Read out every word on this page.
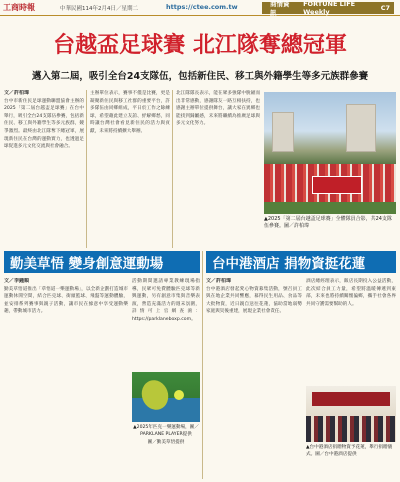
工商時報	中華民國114年2月4日／星期二	https://ctee.com.tw	商情資訊
FORTUNE LIFE Weekly	C7
台越盃足球賽 北江隊奪總冠軍
邁入第二屆，吸引全台24支隊伍，包括新住民、移工與外籍學生等多元族群參賽
文／許柏瑋
台中市新住民足球運動聯盟協會主辦的2025「第二屆台越盃足球賽」在台中舉行，吸引全台24支隊伍參賽，包括新住民、移工與外籍學生等多元族群，競爭激烈。最終由北江隊奪下總冠軍，展現新住民在台灣的運動實力，也透過足球促進多元文化交流與社會融合。
主辦單位表示，賽事不僅是比賽，更是凝聚新住民與移工社群的重要平台，許多隊伍由同鄉組成，平日於工作之餘練球，希望藉此建立友誼、紓解鄉愁，同時讓台灣社會看見新住民的活力與貢獻，未來將持續擴大舉辦。
北江隊隊長表示，能在眾多強隊中脫穎而出非常感動，感謝隊友一路互相扶持，也感謝主辦單位提供舞台，讓大家在異鄉也能找到歸屬感，未來將繼續為推廣足球與多元文化努力。
▲2025「第二屆台越盃足球賽」全體隊員合影，共24支隊伍參賽。圖／許柏瑋
勤美草悟 變身創意運動場
文／李鍾順
勤美草悟道推出「草悟道一樂運動場」，以全新企劃打造城市運動休閒空間，結合匹克球、街頭籃球、飛盤等運動體驗，並安排系列賽事與親子活動，讓市民在綠意中享受運動樂趣，帶動城市活力。
活動期間邀請專業教練現場指導，民眾可免費體驗匹克球等新興運動，另有創意市集與音樂表演，營造充滿活力的週末氛圍，詳情可上官網查詢：https://parklaneboxp.com。
▲2025年匹克一樂運動場，圖／PARKLANE PLAYER提供
圖／勤美草悟提供
台中港酒店 捐物資挺花蓮
文／許柏瑋
台中港酒店發起愛心物資募集活動，號召員工與在地企業共同響應，募得民生用品、食品等大批物資，近日親自送往花蓮，協助當地弱勢家庭與災後重建，展現企業社會責任。
酒店總經理表示，飯店長期投入公益活動，此次結合員工力量，希望將溫暖傳遞到東部，未來也將持續關懷偏鄉，攜手社會各界共同守護需要幫助的人。
▲台中港酒店捐贈物資予花蓮，舉行捐贈儀式。圖／台中港酒店提供
